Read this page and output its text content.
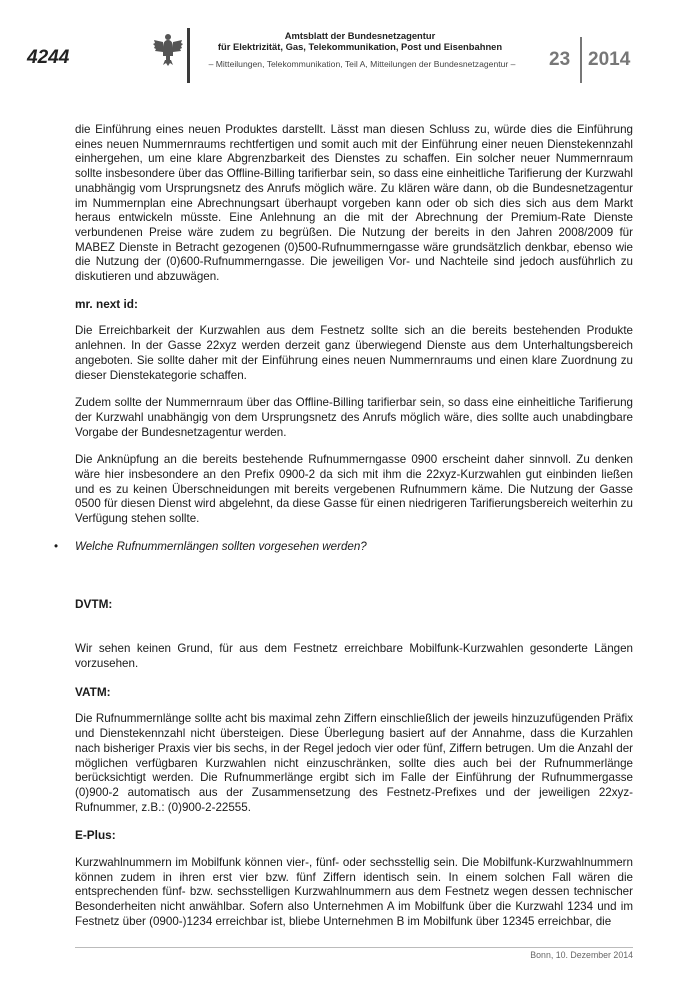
4244
Amtsblatt der Bundesnetzagentur
für Elektrizität, Gas, Telekommunikation, Post und Eisenbahnen
– Mitteilungen, Telekommunikation, Teil A, Mitteilungen der Bundesnetzagentur –	23 2014

die Einführung eines neuen Produktes darstellt. Lässt man diesen Schluss zu, würde dies die Einführung eines neuen Nummernraums rechtfertigen und somit auch mit der Einführung einer neuen Dienstekennzahl einhergehen, um eine klare Abgrenzbarkeit des Dienstes zu schaffen. Ein solcher neuer Nummernraum sollte insbesondere über das Offline-Billing tarifierbar sein, so dass eine einheitliche Tarifierung der Kurzwahl unabhängig vom Ursprungsnetz des Anrufs möglich wäre. Zu klären wäre dann, ob die Bundesnetzagentur im Nummernplan eine Abrechnungsart überhaupt vorgeben kann oder ob sich dies sich aus dem Markt heraus entwickeln müsste. Eine Anlehnung an die mit der Abrechnung der Premium-Rate Dienste verbundenen Preise wäre zudem zu begrüßen. Die Nutzung der bereits in den Jahren 2008/2009 für MABEZ Dienste in Betracht gezogenen (0)500-Rufnummerngasse wäre grundsätzlich denkbar, ebenso wie die Nutzung der (0)600-Rufnummerngasse. Die jeweiligen Vor- und Nachteile sind jedoch ausführlich zu diskutieren und abzuwägen.

mr. next id:

Die Erreichbarkeit der Kurzwahlen aus dem Festnetz sollte sich an die bereits bestehenden Produkte anlehnen. In der Gasse 22xyz werden derzeit ganz überwiegend Dienste aus dem Unterhaltungsbereich angeboten. Sie sollte daher mit der Einführung eines neuen Nummernraums und einen klare Zuordnung zu dieser Dienstekategorie schaffen.

Zudem sollte der Nummernraum über das Offline-Billing tarifierbar sein, so dass eine einheitliche Tarifierung der Kurzwahl unabhängig von dem Ursprungsnetz des Anrufs möglich wäre, dies sollte auch unabdingbare Vorgabe der Bundesnetzagentur werden.

Die Anknüpfung an die bereits bestehende Rufnummerngasse 0900 erscheint daher sinnvoll. Zu denken wäre hier insbesondere an den Prefix 0900-2 da sich mit ihm die 22xyz-Kurzwahlen gut einbinden ließen und es zu keinen Überschneidungen mit bereits vergebenen Rufnummern käme. Die Nutzung der Gasse 0500 für diesen Dienst wird abgelehnt, da diese Gasse für einen niedrigeren Tarifierungsbereich weiterhin zu Verfügung stehen sollte.

• Welche Rufnummernlängen sollten vorgesehen werden?

DVTM:

Wir sehen keinen Grund, für aus dem Festnetz erreichbare Mobilfunk-Kurzwahlen gesonderte Längen vorzusehen.

VATM:

Die Rufnummernlänge sollte acht bis maximal zehn Ziffern einschließlich der jeweils hinzuzufügenden Präfix und Dienstekennzahl nicht übersteigen. Diese Überlegung basiert auf der Annahme, dass die Kurzahlen nach bisheriger Praxis vier bis sechs, in der Regel jedoch vier oder fünf, Ziffern betrugen. Um die Anzahl der möglichen verfügbaren Kurzwahlen nicht einzuschränken, sollte dies auch bei der Rufnummerlänge berücksichtigt werden. Die Rufnummerlänge ergibt sich im Falle der Einführung der Rufnummergasse (0)900-2 automatisch aus der Zusammensetzung des Festnetz-Prefixes und der jeweiligen 22xyz-Rufnummer, z.B.: (0)900-2-22555.

E-Plus:

Kurzwahlnummern im Mobilfunk können vier-, fünf- oder sechsstellig sein. Die Mobilfunk-Kurzwahlnummern können zudem in ihren erst vier bzw. fünf Ziffern identisch sein. In einem solchen Fall wären die entsprechenden fünf- bzw. sechsstelligen Kurzwahlnummern aus dem Festnetz wegen dessen technischer Besonderheiten nicht anwählbar. Sofern also Unternehmen A im Mobilfunk über die Kurzwahl 1234 und im Festnetz über (0900-)1234 erreichbar ist, bliebe Unternehmen B im Mobilfunk über 12345 erreichbar, die

Bonn, 10. Dezember 2014
